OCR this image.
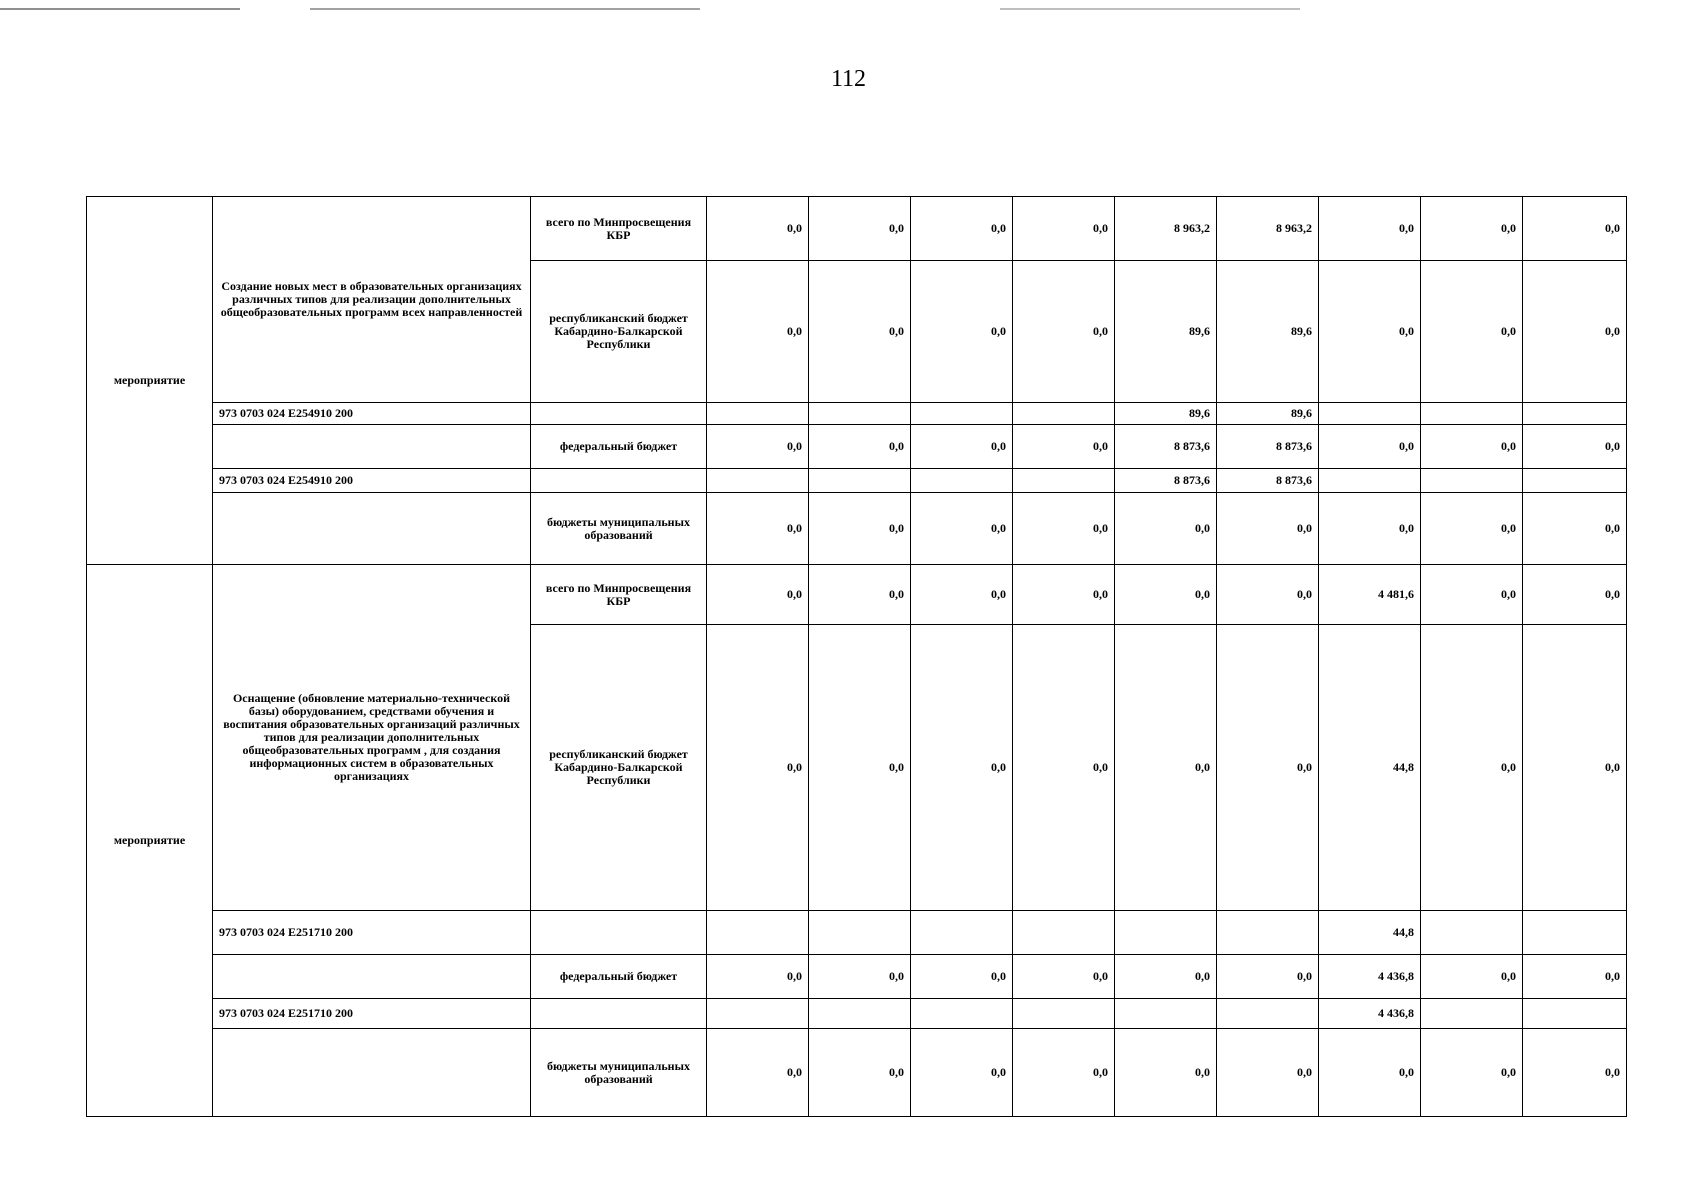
112
мероприятие	Создание новых мест в образовательных организациях различных типов для реализации дополнительных общеобразовательных программ всех направленностей	всего по Минпросвещения КБР	0,0	0,0	0,0	0,0	8 963,2	8 963,2	0,0	0,0	0,0
		республиканский бюджет Кабардино-Балкарской Республики	0,0	0,0	0,0	0,0	89,6	89,6	0,0	0,0	0,0
	973 0703 024 E254910 200						89,6	89,6			
		федеральный бюджет	0,0	0,0	0,0	0,0	8 873,6	8 873,6	0,0	0,0	0,0
	973 0703 024 E254910 200						8 873,6	8 873,6			
		бюджеты муниципальных образований	0,0	0,0	0,0	0,0	0,0	0,0	0,0	0,0	0,0
мероприятие	Оснащение (обновление материально-технической базы) оборудованием, средствами обучения и воспитания образовательных организаций различных типов для реализации дополнительных общеобразовательных программ , для создания информационных систем в образовательных организациях	всего по Минпросвещения КБР	0,0	0,0	0,0	0,0	0,0	0,0	4 481,6	0,0	0,0
		республиканский бюджет Кабардино-Балкарской Республики	0,0	0,0	0,0	0,0	0,0	0,0	44,8	0,0	0,0
	973 0703 024 E251710 200								44,8		
		федеральный бюджет	0,0	0,0	0,0	0,0	0,0	0,0	4 436,8	0,0	0,0
	973 0703 024 E251710 200								4 436,8		
		бюджеты муниципальных образований	0,0	0,0	0,0	0,0	0,0	0,0	0,0	0,0	0,0
